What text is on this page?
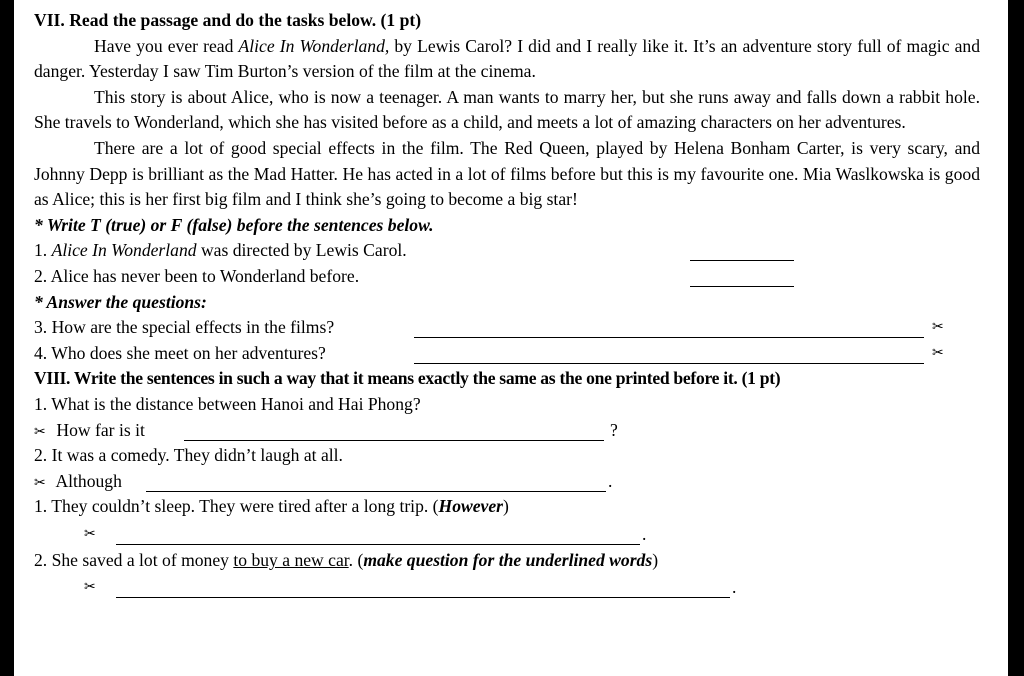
VII. Read the passage and do the tasks below. (1 pt)
Have you ever read Alice In Wonderland, by Lewis Carol? I did and I really like it. It’s an adventure story full of magic and danger. Yesterday I saw Tim Burton’s version of the film at the cinema.
This story is about Alice, who is now a teenager. A man wants to marry her, but she runs away and falls down a rabbit hole. She travels to Wonderland, which she has visited before as a child, and meets a lot of amazing characters on her adventures.
There are a lot of good special effects in the film. The Red Queen, played by Helena Bonham Carter, is very scary, and Johnny Depp is brilliant as the Mad Hatter. He has acted in a lot of films before but this is my favourite one. Mia Waslkowska is good as Alice; this is her first big film and I think she’s going to become a big star!
* Write T (true) or F (false) before the sentences below.
1. Alice In Wonderland was directed by Lewis Carol.
2. Alice has never been to Wonderland before.
* Answer the questions:
3. How are the special effects in the films?	✂
4. Who does she meet on her adventures?	✂
VIII. Write the sentences in such a way that it means exactly the same as the one printed before it. (1 pt)
1. What is the distance between Hanoi and Hai Phong?
✂ How far is it	?
2. It was a comedy. They didn’t laugh at all.
✂ Although	.
1. They couldn’t sleep. They were tired after a long trip. (However)
✂	.
2. She saved a lot of money to buy a new car. (make question for the underlined words)
✂	.
